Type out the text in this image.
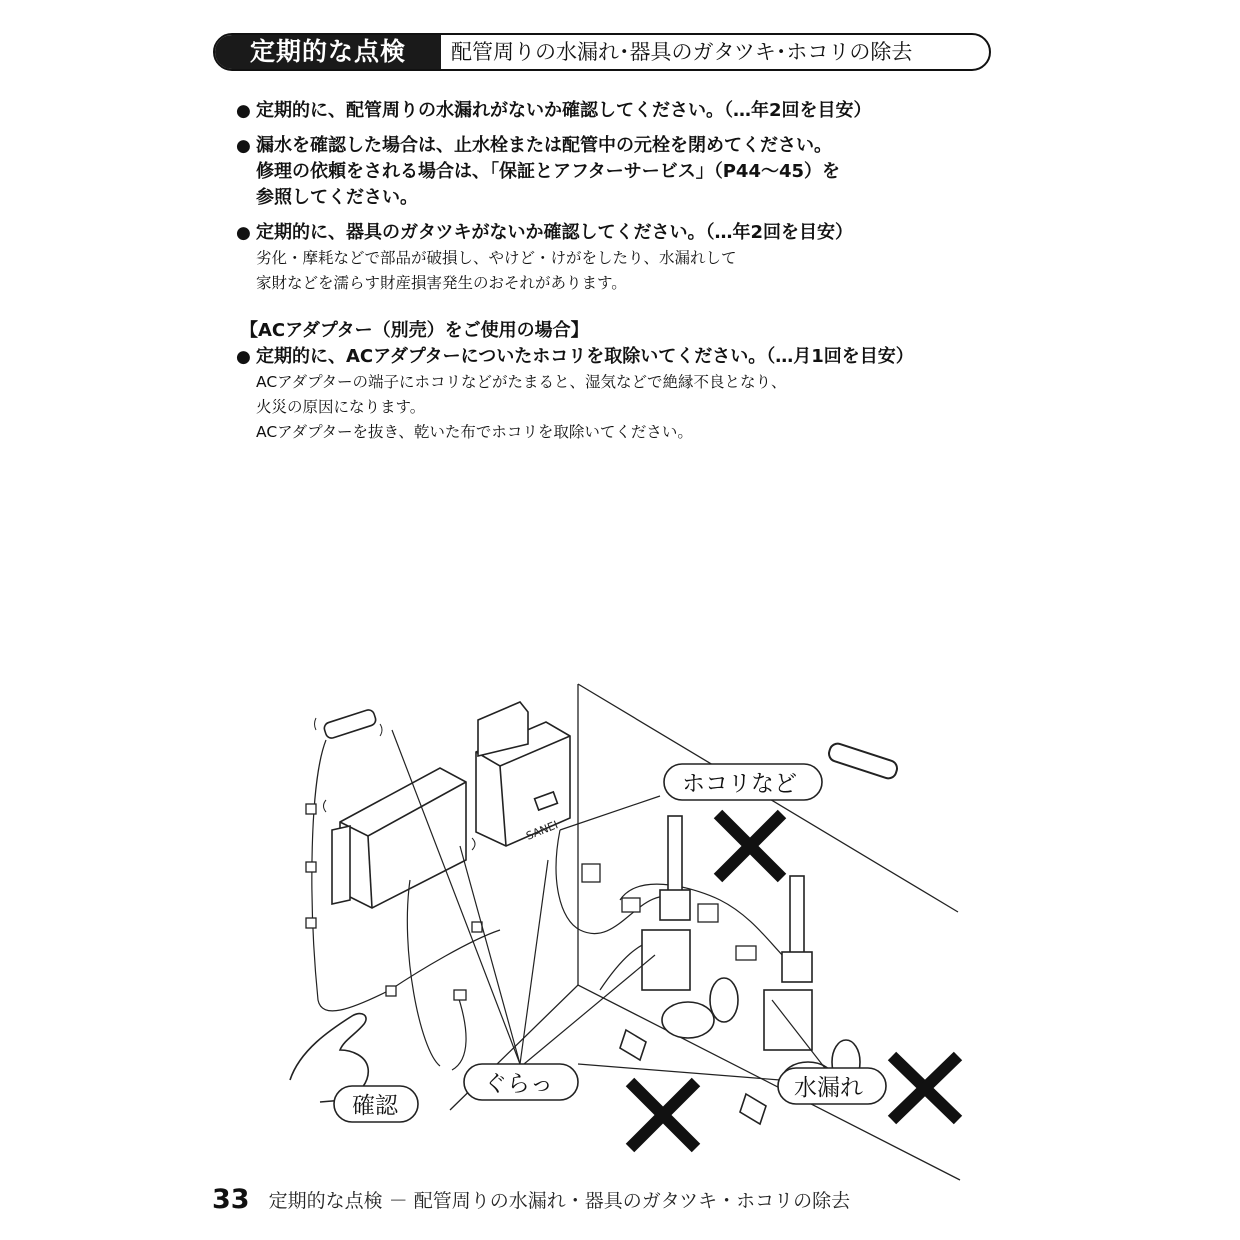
定期的な点検	配管周りの水漏れ･器具のガタツキ･ホコリの除去
● 定期的に、配管周りの水漏れがないか確認してください。（…年2回を目安）
● 漏水を確認した場合は、止水栓または配管中の元栓を閉めてください。
修理の依頼をされる場合は、「保証とアフターサービス」（P44〜45）を
参照してください。
● 定期的に、器具のガタツキがないか確認してください。（…年2回を目安）
劣化・摩耗などで部品が破損し、やけど・けがをしたり、水漏れして
家財などを濡らす財産損害発生のおそれがあります。
【ACアダプター（別売）をご使用の場合】
● 定期的に、ACアダプターについたホコリを取除いてください。（…月1回を目安）
ACアダプターの端子にホコリなどがたまると、湿気などで絶縁不良となり、
火災の原因になります。
ACアダプターを抜き、乾いた布でホコリを取除いてください。
SANEI
ホコリなど
ぐらっ
確認
水漏れ
33 定期的な点検 － 配管周りの水漏れ・器具のガタツキ・ホコリの除去
